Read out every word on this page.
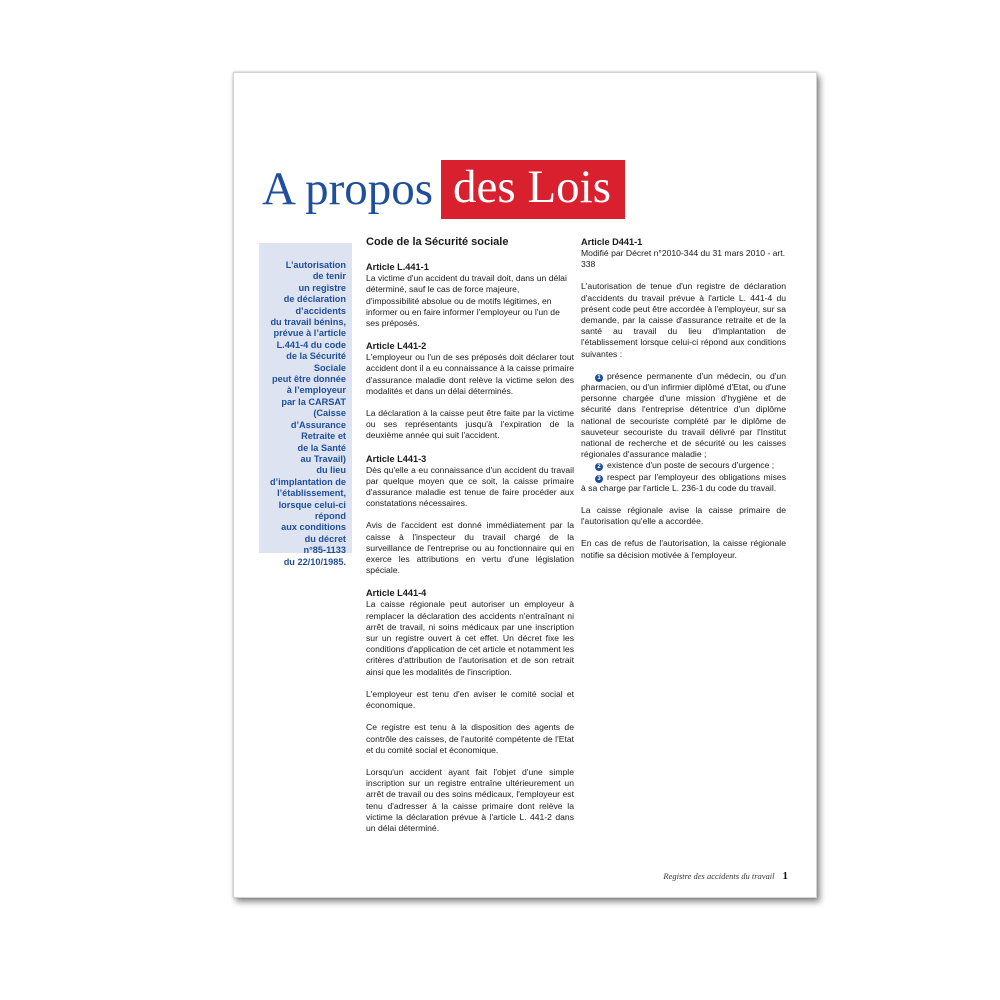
A propos des Lois
L’autorisation
de tenir
un registre
de déclaration
d’accidents
du travail bénins,
prévue à l’article
L.441-4 du code
de la Sécurité
Sociale
peut être donnée
à l’employeur
par la CARSAT
(Caisse
d’Assurance
Retraite et
de la Santé
au Travail)
du lieu
d’implantation de
l’établissement,
lorsque celui-ci
répond
aux conditions
du décret
n°85-1133
du 22/10/1985.
Code de la Sécurité sociale
Article L.441-1

La victime d'un accident du travail doit, dans un délai déterminé, sauf le cas de force majeure, d'impossibilité absolue ou de motifs légitimes, en informer ou en faire informer l'employeur ou l'un de ses préposés.

Article L441-2

L'employeur ou l'un de ses préposés doit déclarer tout accident dont il a eu connaissance à la caisse primaire d'assurance maladie dont relève la victime selon des modalités et dans un délai déterminés.

La déclaration à la caisse peut être faite par la victime ou ses représentants jusqu'à l'expiration de la deuxième année qui suit l'accident.

Article L441-3

Dès qu'elle a eu connaissance d'un accident du travail par quelque moyen que ce soit, la caisse primaire d'assurance maladie est tenue de faire procéder aux constatations nécessaires.

Avis de l'accident est donné immédiatement par la caisse à l'inspecteur du travail chargé de la surveillance de l'entreprise ou au fonctionnaire qui en exerce les attributions en vertu d'une législation spéciale.

Article L441-4

La caisse régionale peut autoriser un employeur à remplacer la déclaration des accidents n'entraînant ni arrêt de travail, ni soins médicaux par une inscription sur un registre ouvert à cet effet. Un décret fixe les conditions d'application de cet article et notamment les critères d'attribution de l'autorisation et de son retrait ainsi que les modalités de l'inscription.

L'employeur est tenu d'en aviser le comité social et économique.

Ce registre est tenu à la disposition des agents de contrôle des caisses, de l'autorité compétente de l'Etat et du comité social et économique.

Lorsqu'un accident ayant fait l'objet d'une simple inscription sur un registre entraîne ultérieurement un arrêt de travail ou des soins médicaux, l'employeur est tenu d'adresser à la caisse primaire dont relève la victime la déclaration prévue à l'article L. 441-2 dans un délai déterminé.

Article D441-1

Modifié par Décret n°2010-344 du 31 mars 2010 - art. 338

L'autorisation de tenue d'un registre de déclaration d'accidents du travail prévue à l'article L. 441-4 du présent code peut être accordée à l'employeur, sur sa demande, par la caisse d'assurance retraite et de la santé au travail du lieu d'implantation de l'établissement lorsque celui-ci répond aux conditions suivantes :

1 présence permanente d'un médecin, ou d'un pharmacien, ou d'un infirmier diplômé d'Etat, ou d'une personne chargée d'une mission d'hygiène et de sécurité dans l'entreprise détentrice d'un diplôme national de secouriste complété par le diplôme de sauveteur secouriste du travail délivré par l'Institut national de recherche et de sécurité ou les caisses régionales d'assurance maladie ;
2 existence d'un poste de secours d'urgence ;
3 respect par l'employeur des obligations mises à sa charge par l'article L. 236-1 du code du travail.

La caisse régionale avise la caisse primaire de l'autorisation qu'elle a accordée.

En cas de refus de l'autorisation, la caisse régionale notifie sa décision motivée à l'employeur.

Registre des accidents du travail 1
